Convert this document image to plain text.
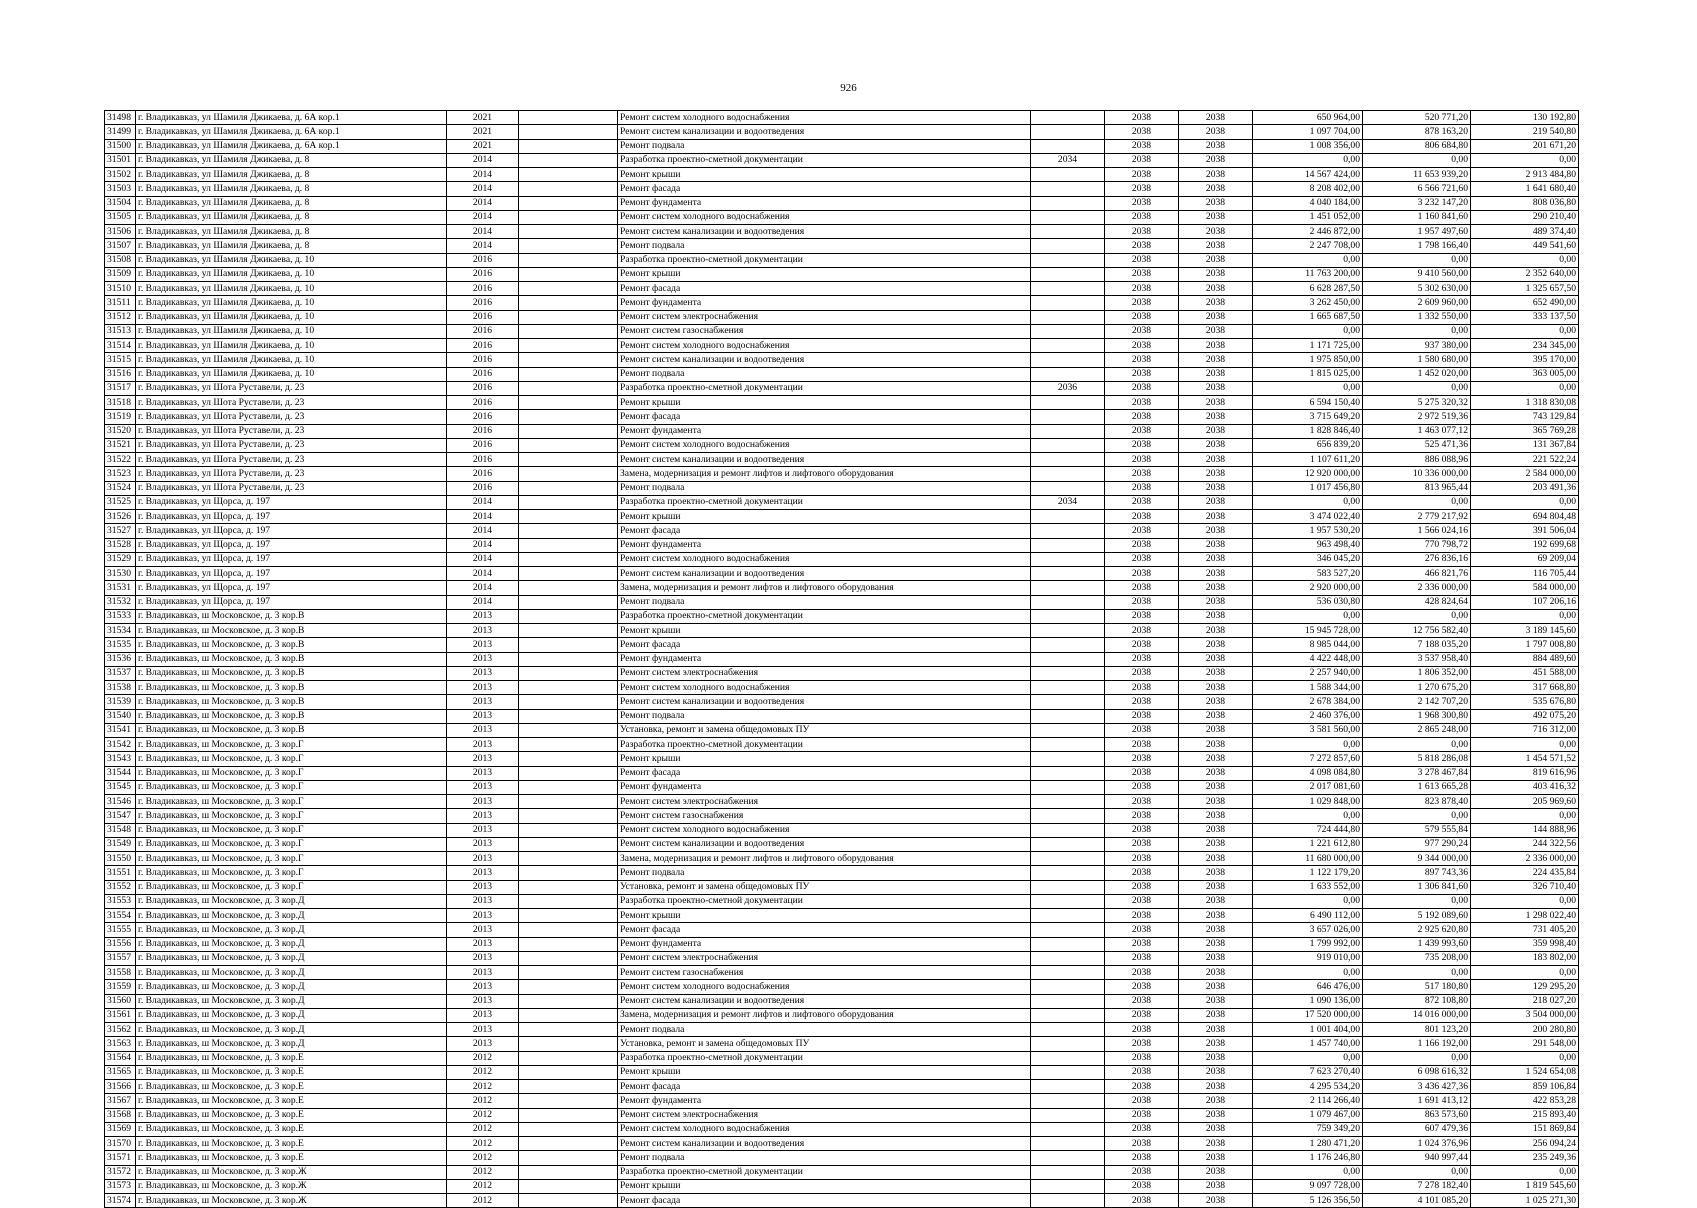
926
31498	г. Владикавказ, ул Шамиля Джикаева, д. 6А кор.1	2021		Ремонт систем холодного водоснабжения		2038	2038	650 964,00	520 771,20	130 192,80
31499	г. Владикавказ, ул Шамиля Джикаева, д. 6А кор.1	2021		Ремонт систем канализации и водоотведения		2038	2038	1 097 704,00	878 163,20	219 540,80
31500	г. Владикавказ, ул Шамиля Джикаева, д. 6А кор.1	2021		Ремонт подвала		2038	2038	1 008 356,00	806 684,80	201 671,20
31501	г. Владикавказ, ул Шамиля Джикаева, д. 8	2014		Разработка проектно-сметной документации	2034	2038	2038	0,00	0,00	0,00
31502	г. Владикавказ, ул Шамиля Джикаева, д. 8	2014		Ремонт крыши		2038	2038	14 567 424,00	11 653 939,20	2 913 484,80
31503	г. Владикавказ, ул Шамиля Джикаева, д. 8	2014		Ремонт фасада		2038	2038	8 208 402,00	6 566 721,60	1 641 680,40
31504	г. Владикавказ, ул Шамиля Джикаева, д. 8	2014		Ремонт фундамента		2038	2038	4 040 184,00	3 232 147,20	808 036,80
31505	г. Владикавказ, ул Шамиля Джикаева, д. 8	2014		Ремонт систем холодного водоснабжения		2038	2038	1 451 052,00	1 160 841,60	290 210,40
31506	г. Владикавказ, ул Шамиля Джикаева, д. 8	2014		Ремонт систем канализации и водоотведения		2038	2038	2 446 872,00	1 957 497,60	489 374,40
31507	г. Владикавказ, ул Шамиля Джикаева, д. 8	2014		Ремонт подвала		2038	2038	2 247 708,00	1 798 166,40	449 541,60
31508	г. Владикавказ, ул Шамиля Джикаева, д. 10	2016		Разработка проектно-сметной документации		2038	2038	0,00	0,00	0,00
31509	г. Владикавказ, ул Шамиля Джикаева, д. 10	2016		Ремонт крыши		2038	2038	11 763 200,00	9 410 560,00	2 352 640,00
31510	г. Владикавказ, ул Шамиля Джикаева, д. 10	2016		Ремонт фасада		2038	2038	6 628 287,50	5 302 630,00	1 325 657,50
31511	г. Владикавказ, ул Шамиля Джикаева, д. 10	2016		Ремонт фундамента		2038	2038	3 262 450,00	2 609 960,00	652 490,00
31512	г. Владикавказ, ул Шамиля Джикаева, д. 10	2016		Ремонт систем электроснабжения		2038	2038	1 665 687,50	1 332 550,00	333 137,50
31513	г. Владикавказ, ул Шамиля Джикаева, д. 10	2016		Ремонт систем газоснабжения		2038	2038	0,00	0,00	0,00
31514	г. Владикавказ, ул Шамиля Джикаева, д. 10	2016		Ремонт систем холодного водоснабжения		2038	2038	1 171 725,00	937 380,00	234 345,00
31515	г. Владикавказ, ул Шамиля Джикаева, д. 10	2016		Ремонт систем канализации и водоотведения		2038	2038	1 975 850,00	1 580 680,00	395 170,00
31516	г. Владикавказ, ул Шамиля Джикаева, д. 10	2016		Ремонт подвала		2038	2038	1 815 025,00	1 452 020,00	363 005,00
31517	г. Владикавказ, ул Шота Руставели, д. 23	2016		Разработка проектно-сметной документации	2036	2038	2038	0,00	0,00	0,00
31518	г. Владикавказ, ул Шота Руставели, д. 23	2016		Ремонт крыши		2038	2038	6 594 150,40	5 275 320,32	1 318 830,08
31519	г. Владикавказ, ул Шота Руставели, д. 23	2016		Ремонт фасада		2038	2038	3 715 649,20	2 972 519,36	743 129,84
31520	г. Владикавказ, ул Шота Руставели, д. 23	2016		Ремонт фундамента		2038	2038	1 828 846,40	1 463 077,12	365 769,28
31521	г. Владикавказ, ул Шота Руставели, д. 23	2016		Ремонт систем холодного водоснабжения		2038	2038	656 839,20	525 471,36	131 367,84
31522	г. Владикавказ, ул Шота Руставели, д. 23	2016		Ремонт систем канализации и водоотведения		2038	2038	1 107 611,20	886 088,96	221 522,24
31523	г. Владикавказ, ул Шота Руставели, д. 23	2016		Замена, модернизация и ремонт лифтов и лифтового оборудования		2038	2038	12 920 000,00	10 336 000,00	2 584 000,00
31524	г. Владикавказ, ул Шота Руставели, д. 23	2016		Ремонт подвала		2038	2038	1 017 456,80	813 965,44	203 491,36
31525	г. Владикавказ, ул Щорса, д. 197	2014		Разработка проектно-сметной документации	2034	2038	2038	0,00	0,00	0,00
31526	г. Владикавказ, ул Щорса, д. 197	2014		Ремонт крыши		2038	2038	3 474 022,40	2 779 217,92	694 804,48
31527	г. Владикавказ, ул Щорса, д. 197	2014		Ремонт фасада		2038	2038	1 957 530,20	1 566 024,16	391 506,04
31528	г. Владикавказ, ул Щорса, д. 197	2014		Ремонт фундамента		2038	2038	963 498,40	770 798,72	192 699,68
31529	г. Владикавказ, ул Щорса, д. 197	2014		Ремонт систем холодного водоснабжения		2038	2038	346 045,20	276 836,16	69 209,04
31530	г. Владикавказ, ул Щорса, д. 197	2014		Ремонт систем канализации и водоотведения		2038	2038	583 527,20	466 821,76	116 705,44
31531	г. Владикавказ, ул Щорса, д. 197	2014		Замена, модернизация и ремонт лифтов и лифтового оборудования		2038	2038	2 920 000,00	2 336 000,00	584 000,00
31532	г. Владикавказ, ул Щорса, д. 197	2014		Ремонт подвала		2038	2038	536 030,80	428 824,64	107 206,16
31533	г. Владикавказ, ш Московское, д. 3 кор.В	2013		Разработка проектно-сметной документации		2038	2038	0,00	0,00	0,00
31534	г. Владикавказ, ш Московское, д. 3 кор.В	2013		Ремонт крыши		2038	2038	15 945 728,00	12 756 582,40	3 189 145,60
31535	г. Владикавказ, ш Московское, д. 3 кор.В	2013		Ремонт фасада		2038	2038	8 985 044,00	7 188 035,20	1 797 008,80
31536	г. Владикавказ, ш Московское, д. 3 кор.В	2013		Ремонт фундамента		2038	2038	4 422 448,00	3 537 958,40	884 489,60
31537	г. Владикавказ, ш Московское, д. 3 кор.В	2013		Ремонт систем электроснабжения		2038	2038	2 257 940,00	1 806 352,00	451 588,00
31538	г. Владикавказ, ш Московское, д. 3 кор.В	2013		Ремонт систем холодного водоснабжения		2038	2038	1 588 344,00	1 270 675,20	317 668,80
31539	г. Владикавказ, ш Московское, д. 3 кор.В	2013		Ремонт систем канализации и водоотведения		2038	2038	2 678 384,00	2 142 707,20	535 676,80
31540	г. Владикавказ, ш Московское, д. 3 кор.В	2013		Ремонт подвала		2038	2038	2 460 376,00	1 968 300,80	492 075,20
31541	г. Владикавказ, ш Московское, д. 3 кор.В	2013		Установка, ремонт и замена общедомовых ПУ		2038	2038	3 581 560,00	2 865 248,00	716 312,00
31542	г. Владикавказ, ш Московское, д. 3 кор.Г	2013		Разработка проектно-сметной документации		2038	2038	0,00	0,00	0,00
31543	г. Владикавказ, ш Московское, д. 3 кор.Г	2013		Ремонт крыши		2038	2038	7 272 857,60	5 818 286,08	1 454 571,52
31544	г. Владикавказ, ш Московское, д. 3 кор.Г	2013		Ремонт фасада		2038	2038	4 098 084,80	3 278 467,84	819 616,96
31545	г. Владикавказ, ш Московское, д. 3 кор.Г	2013		Ремонт фундамента		2038	2038	2 017 081,60	1 613 665,28	403 416,32
31546	г. Владикавказ, ш Московское, д. 3 кор.Г	2013		Ремонт систем электроснабжения		2038	2038	1 029 848,00	823 878,40	205 969,60
31547	г. Владикавказ, ш Московское, д. 3 кор.Г	2013		Ремонт систем газоснабжения		2038	2038	0,00	0,00	0,00
31548	г. Владикавказ, ш Московское, д. 3 кор.Г	2013		Ремонт систем холодного водоснабжения		2038	2038	724 444,80	579 555,84	144 888,96
31549	г. Владикавказ, ш Московское, д. 3 кор.Г	2013		Ремонт систем канализации и водоотведения		2038	2038	1 221 612,80	977 290,24	244 322,56
31550	г. Владикавказ, ш Московское, д. 3 кор.Г	2013		Замена, модернизация и ремонт лифтов и лифтового оборудования		2038	2038	11 680 000,00	9 344 000,00	2 336 000,00
31551	г. Владикавказ, ш Московское, д. 3 кор.Г	2013		Ремонт подвала		2038	2038	1 122 179,20	897 743,36	224 435,84
31552	г. Владикавказ, ш Московское, д. 3 кор.Г	2013		Установка, ремонт и замена общедомовых ПУ		2038	2038	1 633 552,00	1 306 841,60	326 710,40
31553	г. Владикавказ, ш Московское, д. 3 кор.Д	2013		Разработка проектно-сметной документации		2038	2038	0,00	0,00	0,00
31554	г. Владикавказ, ш Московское, д. 3 кор.Д	2013		Ремонт крыши		2038	2038	6 490 112,00	5 192 089,60	1 298 022,40
31555	г. Владикавказ, ш Московское, д. 3 кор.Д	2013		Ремонт фасада		2038	2038	3 657 026,00	2 925 620,80	731 405,20
31556	г. Владикавказ, ш Московское, д. 3 кор.Д	2013		Ремонт фундамента		2038	2038	1 799 992,00	1 439 993,60	359 998,40
31557	г. Владикавказ, ш Московское, д. 3 кор.Д	2013		Ремонт систем электроснабжения		2038	2038	919 010,00	735 208,00	183 802,00
31558	г. Владикавказ, ш Московское, д. 3 кор.Д	2013		Ремонт систем газоснабжения		2038	2038	0,00	0,00	0,00
31559	г. Владикавказ, ш Московское, д. 3 кор.Д	2013		Ремонт систем холодного водоснабжения		2038	2038	646 476,00	517 180,80	129 295,20
31560	г. Владикавказ, ш Московское, д. 3 кор.Д	2013		Ремонт систем канализации и водоотведения		2038	2038	1 090 136,00	872 108,80	218 027,20
31561	г. Владикавказ, ш Московское, д. 3 кор.Д	2013		Замена, модернизация и ремонт лифтов и лифтового оборудования		2038	2038	17 520 000,00	14 016 000,00	3 504 000,00
31562	г. Владикавказ, ш Московское, д. 3 кор.Д	2013		Ремонт подвала		2038	2038	1 001 404,00	801 123,20	200 280,80
31563	г. Владикавказ, ш Московское, д. 3 кор.Д	2013		Установка, ремонт и замена общедомовых ПУ		2038	2038	1 457 740,00	1 166 192,00	291 548,00
31564	г. Владикавказ, ш Московское, д. 3 кор.Е	2012		Разработка проектно-сметной документации		2038	2038	0,00	0,00	0,00
31565	г. Владикавказ, ш Московское, д. 3 кор.Е	2012		Ремонт крыши		2038	2038	7 623 270,40	6 098 616,32	1 524 654,08
31566	г. Владикавказ, ш Московское, д. 3 кор.Е	2012		Ремонт фасада		2038	2038	4 295 534,20	3 436 427,36	859 106,84
31567	г. Владикавказ, ш Московское, д. 3 кор.Е	2012		Ремонт фундамента		2038	2038	2 114 266,40	1 691 413,12	422 853,28
31568	г. Владикавказ, ш Московское, д. 3 кор.Е	2012		Ремонт систем электроснабжения		2038	2038	1 079 467,00	863 573,60	215 893,40
31569	г. Владикавказ, ш Московское, д. 3 кор.Е	2012		Ремонт систем холодного водоснабжения		2038	2038	759 349,20	607 479,36	151 869,84
31570	г. Владикавказ, ш Московское, д. 3 кор.Е	2012		Ремонт систем канализации и водоотведения		2038	2038	1 280 471,20	1 024 376,96	256 094,24
31571	г. Владикавказ, ш Московское, д. 3 кор.Е	2012		Ремонт подвала		2038	2038	1 176 246,80	940 997,44	235 249,36
31572	г. Владикавказ, ш Московское, д. 3 кор.Ж	2012		Разработка проектно-сметной документации		2038	2038	0,00	0,00	0,00
31573	г. Владикавказ, ш Московское, д. 3 кор.Ж	2012		Ремонт крыши		2038	2038	9 097 728,00	7 278 182,40	1 819 545,60
31574	г. Владикавказ, ш Московское, д. 3 кор.Ж	2012		Ремонт фасада		2038	2038	5 126 356,50	4 101 085,20	1 025 271,30
